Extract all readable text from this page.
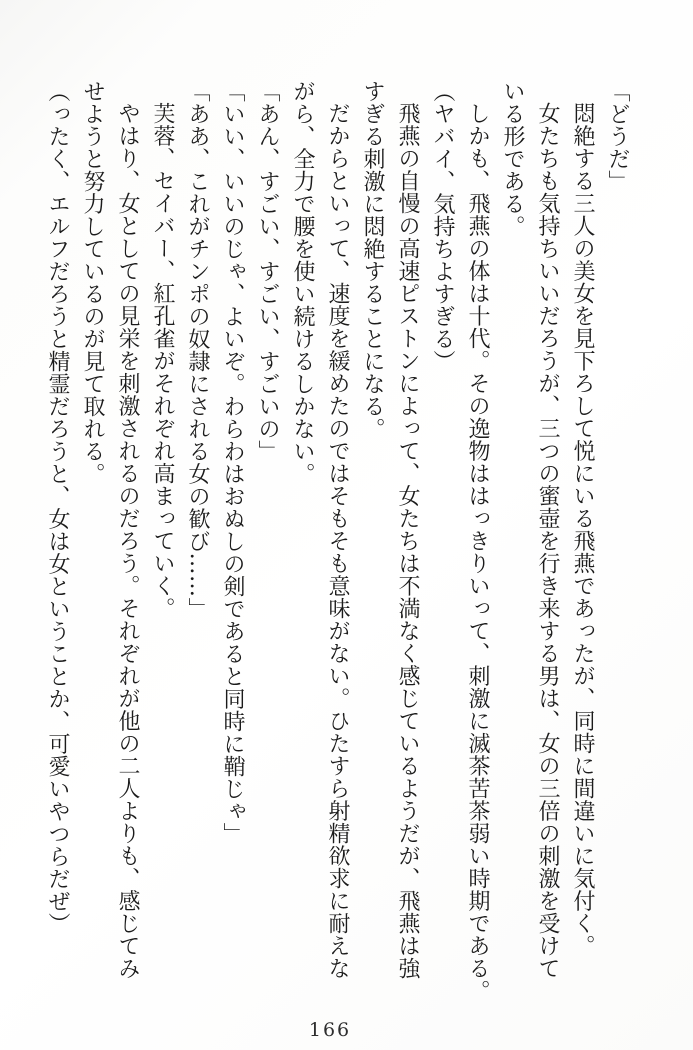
「どうだ」
悶絶する三人の美女を見下ろして悦にいる飛燕であったが、同時に間違いに気付く。
女たちも気持ちいいだろうが、三つの蜜壺を行き来する男は、女の三倍の刺激を受けて
いる形である。
しかも、飛燕の体は十代。その逸物ははっきりいって、刺激に滅茶苦茶弱い時期である。
（ヤバイ、気持ちよすぎる）
飛燕の自慢の高速ピストンによって、女たちは不満なく感じているようだが、飛燕は強
すぎる刺激に悶絶することになる。
だからといって、速度を緩めたのではそもそも意味がない。ひたすら射精欲求に耐えな
がら、全力で腰を使い続けるしかない。
「あん、すごい、すごい、すごいの」
「いい、いいのじゃ、よいぞ。わらわはおぬしの剣であると同時に鞘じゃ」
「ああ、これがチンポの奴隷にされる女の歓び……」
芙蓉、セイバー、紅孔雀がそれぞれ高まっていく。
やはり、女としての見栄を刺激されるのだろう。それぞれが他の二人よりも、感じてみ
せようと努力しているのが見て取れる。
（ったく、エルフだろうと精霊だろうと、女は女ということか、可愛いやつらだぜ）
166
